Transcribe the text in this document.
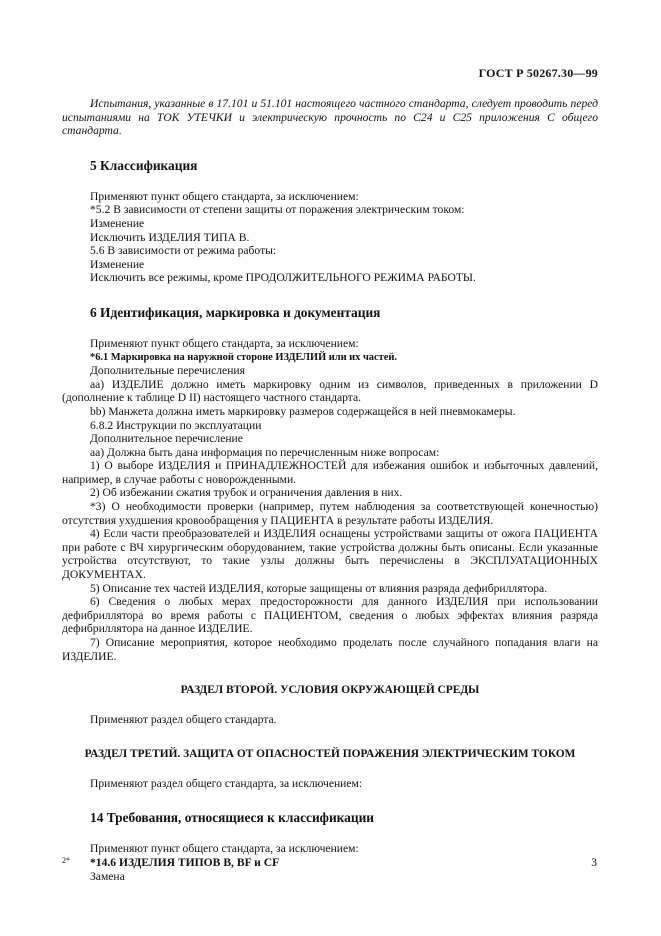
ГОСТ Р 50267.30—99

Испытания, указанные в 17.101 и 51.101 настоящего частного стандарта, следует проводить перед испытаниями на ТОК УТЕЧКИ и электрическую прочность по С24 и С25 приложения С общего стандарта.

5 Классификация

Применяют пункт общего стандарта, за исключением:

*5.2 В зависимости от степени защиты от поражения электрическим током:

Изменение

Исключить ИЗДЕЛИЯ ТИПА В.

5.6 В зависимости от режима работы:

Изменение

Исключить все режимы, кроме ПРОДОЛЖИТЕЛЬНОГО РЕЖИМА РАБОТЫ.

6 Идентификация, маркировка и документация

Применяют пункт общего стандарта, за исключением:

*6.1 Маркировка на наружной стороне ИЗДЕЛИЙ или их частей.

Дополнительные перечисления

аа) ИЗДЕЛИЕ должно иметь маркировку одним из символов, приведенных в приложении D (дополнение к таблице D II) настоящего частного стандарта.

bb) Манжета должна иметь маркировку размеров содержащейся в ней пневмокамеры.

6.8.2 Инструкции по эксплуатации

Дополнительное перечисление

аа) Должна быть дана информация по перечисленным ниже вопросам:

1) О выборе ИЗДЕЛИЯ и ПРИНАДЛЕЖНОСТЕЙ для избежания ошибок и избыточных давлений, например, в случае работы с новорожденными.

2) Об избежании сжатия трубок и ограничения давления в них.

*3) О необходимости проверки (например, путем наблюдения за соответствующей конечностью) отсутствия ухудшения кровообращения у ПАЦИЕНТА в результате работы ИЗДЕЛИЯ.

4) Если части преобразователей и ИЗДЕЛИЯ оснащены устройствами защиты от ожога ПАЦИЕНТА при работе с ВЧ хирургическим оборудованием, такие устройства должны быть описаны. Если указанные устройства отсутствуют, то такие узлы должны быть перечислены в ЭКСПЛУАТАЦИОННЫХ ДОКУМЕНТАХ.

5) Описание тех частей ИЗДЕЛИЯ, которые защищены от влияния разряда дефибриллятора.

6) Сведения о любых мерах предосторожности для данного ИЗДЕЛИЯ при использовании дефибриллятора во время работы с ПАЦИЕНТОМ, сведения о любых эффектах влияния разряда дефибриллятора на данное ИЗДЕЛИЕ.

7) Описание мероприятия, которое необходимо проделать после случайного попадания влаги на ИЗДЕЛИЕ.

РАЗДЕЛ ВТОРОЙ. УСЛОВИЯ ОКРУЖАЮЩЕЙ СРЕДЫ

Применяют раздел общего стандарта.

РАЗДЕЛ ТРЕТИЙ. ЗАЩИТА ОТ ОПАСНОСТЕЙ ПОРАЖЕНИЯ ЭЛЕКТРИЧЕСКИМ ТОКОМ

Применяют раздел общего стандарта, за исключением:

14 Требования, относящиеся к классификации

Применяют пункт общего стандарта, за исключением:

*14.6 ИЗДЕЛИЯ ТИПОВ В, BF и CF

Замена

2*	3
